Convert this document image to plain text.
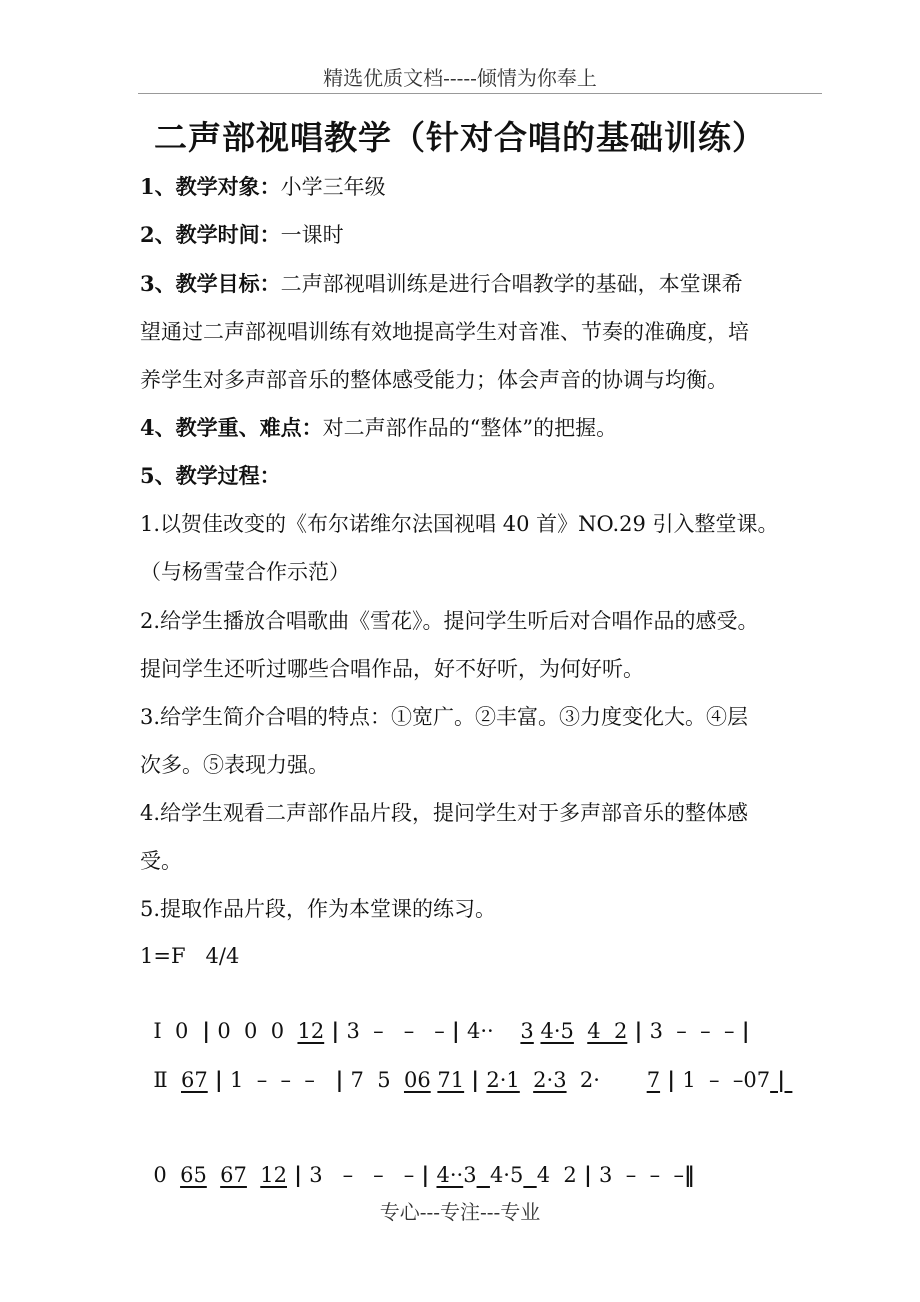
精选优质文档-----倾情为你奉上
二声部视唱教学（针对合唱的基础训练）
1、教学对象：小学三年级
2、教学时间：一课时
3、教学目标：二声部视唱训练是进行合唱教学的基础，本堂课希
望通过二声部视唱训练有效地提高学生对音准、节奏的准确度，培
养学生对多声部音乐的整体感受能力；体会声音的协调与均衡。
4、教学重、难点：对二声部作品的“整体”的把握。
5、教学过程：
1.以贺佳改变的《布尔诺维尔法国视唱 40 首》NO.29 引入整堂课。
（与杨雪莹合作示范）
2.给学生播放合唱歌曲《雪花》。提问学生听后对合唱作品的感受。
提问学生还听过哪些合唱作品，好不好听，为何好听。
3.给学生简介合唱的特点：①宽广。②丰富。③力度变化大。④层
次多。⑤表现力强。
4.给学生观看二声部作品片段，提问学生对于多声部音乐的整体感
受。
5.提取作品片段，作为本堂课的练习。
1=F   4/4

Ⅰ 0  | 0  0  0  12 | 3  –   –   – | 4··    3 4·5 4  2 | 3  –  –  – |

Ⅱ 67 | 1  –  –  –   | 7  5  06 71 | 2·1 2·3  2·       7 | 1  –  –07 |

0  65 67 12 | 3   –   –   – | 4··3 4·5 4  2 | 3  –  –  –‖

专心---专注---专业
